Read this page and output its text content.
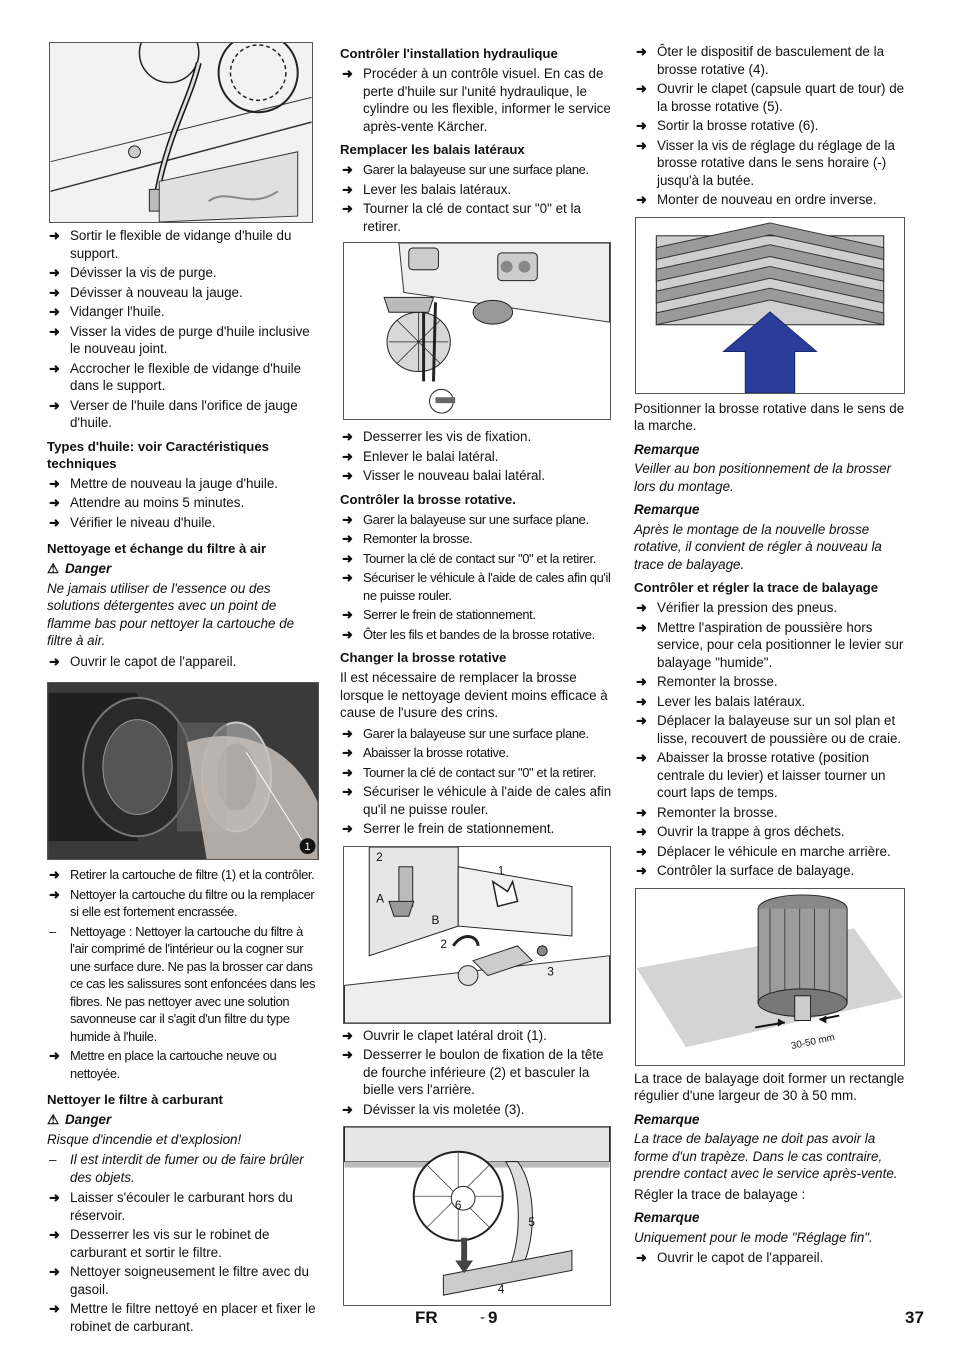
➜ Sortir le flexible de vidange d'huile du support.
➜ Dévisser la vis de purge.
➜ Dévisser à nouveau la jauge.
➜ Vidanger l'huile.
➜ Visser la vides de purge d'huile inclusive le nouveau joint.
➜ Accrocher le flexible de vidange d'huile dans le support.
➜ Verser de l'huile dans l'orifice de jauge d'huile.
Types d'huile: voir Caractéristiques techniques
➜ Mettre de nouveau la jauge d'huile.
➜ Attendre au moins 5 minutes.
➜ Vérifier le niveau d'huile.
Nettoyage et échange du filtre à air
⚠ Danger
Ne jamais utiliser de l'essence ou des solutions détergentes avec un point de flamme bas pour nettoyer la cartouche de filtre à air.
➜ Ouvrir le capot de l'appareil.
1
➜ Retirer la cartouche de filtre (1) et la contrôler.
➜ Nettoyer la cartouche du filtre ou la remplacer si elle est fortement encrassée.
– Nettoyage : Nettoyer la cartouche du filtre à l'air comprimé de l'intérieur ou la cogner sur une surface dure. Ne pas la brosser car dans ce cas les salissures sont enfoncées dans les fibres. Ne pas nettoyer avec une solution savonneuse car il s'agit d'un filtre du type humide à l'huile.
➜ Mettre en place la cartouche neuve ou nettoyée.
Nettoyer le filtre à carburant
⚠ Danger
Risque d'incendie et d'explosion!
– Il est interdit de fumer ou de faire brûler des objets.
➜ Laisser s'écouler le carburant hors du réservoir.
➜ Desserrer les vis sur le robinet de carburant et sortir le filtre.
➜ Nettoyer soigneusement le filtre avec du gasoil.
➜ Mettre le filtre nettoyé en placer et fixer le robinet de carburant.
Contrôler l'installation hydraulique
➜ Procéder à un contrôle visuel. En cas de perte d'huile sur l'unité hydraulique, le cylindre ou les flexible, informer le service après-vente Kärcher.
Remplacer les balais latéraux
➜ Garer la balayeuse sur une surface plane.
➜ Lever les balais latéraux.
➜ Tourner la clé de contact sur "0" et la retirer.
➜ Desserrer les vis de fixation.
➜ Enlever le balai latéral.
➜ Visser le nouveau balai latéral.
Contrôler la brosse rotative.
➜ Garer la balayeuse sur une surface plane.
➜ Remonter la brosse.
➜ Tourner la clé de contact sur "0" et la retirer.
➜ Sécuriser le véhicule à l'aide de cales afin qu'il ne puisse rouler.
➜ Serrer le frein de stationnement.
➜ Ôter les fils et bandes de la brosse rotative.
Changer la brosse rotative

Il est nécessaire de remplacer la brosse lorsque le nettoyage devient moins efficace à cause de l'usure des crins.

➜ Garer la balayeuse sur une surface plane.
➜ Abaisser la brosse rotative.
➜ Tourner la clé de contact sur "0" et la retirer.
➜ Sécuriser le véhicule à l'aide de cales afin qu'il ne puisse rouler.
➜ Serrer le frein de stationnement.
2
A
B
1
2
3
➜ Ouvrir le clapet latéral droit (1).
➜ Desserrer le boulon de fixation de la tête de fourche inférieure (2) et basculer la bielle vers l'arrière.
➜ Dévisser la vis moletée (3).
6
5
4
➜ Ôter le dispositif de basculement de la brosse rotative (4).
➜ Ouvrir le clapet (capsule quart de tour) de la brosse rotative (5).
➜ Sortir la brosse rotative (6).
➜ Visser la vis de réglage du réglage de la brosse rotative dans le sens horaire (-) jusqu'à la butée.
➜ Monter de nouveau en ordre inverse.

Positionner la brosse rotative dans le sens de la marche.

Remarque
Veiller au bon positionnement de la brosser lors du montage.
Remarque
Après le montage de la nouvelle brosse rotative, il convient de régler à nouveau la trace de balayage.
Contrôler et régler la trace de balayage
➜ Vérifier la pression des pneus.
➜ Mettre l'aspiration de poussière hors service, pour cela positionner le levier sur balayage "humide".
➜ Remonter la brosse.
➜ Lever les balais latéraux.
➜ Déplacer la balayeuse sur un sol plan et lisse, recouvert de poussière ou de craie.
➜ Abaisser la brosse rotative (position centrale du levier) et laisser tourner un court laps de temps.
➜ Remonter la brosse.
➜ Ouvrir la trappe à gros déchets.
➜ Déplacer le véhicule en marche arrière.
➜ Contrôler la surface de balayage.
30-50 mm

La trace de balayage doit former un rectangle régulier d'une largeur de 30 à 50 mm.

Remarque
La trace de balayage ne doit pas avoir la forme d'un trapèze. Dans le cas contraire, prendre contact avec le service après-vente.

Régler la trace de balayage :

Remarque
Uniquement pour le mode "Réglage fin".
➜ Ouvrir le capot de l'appareil.
FR	- 9	37
